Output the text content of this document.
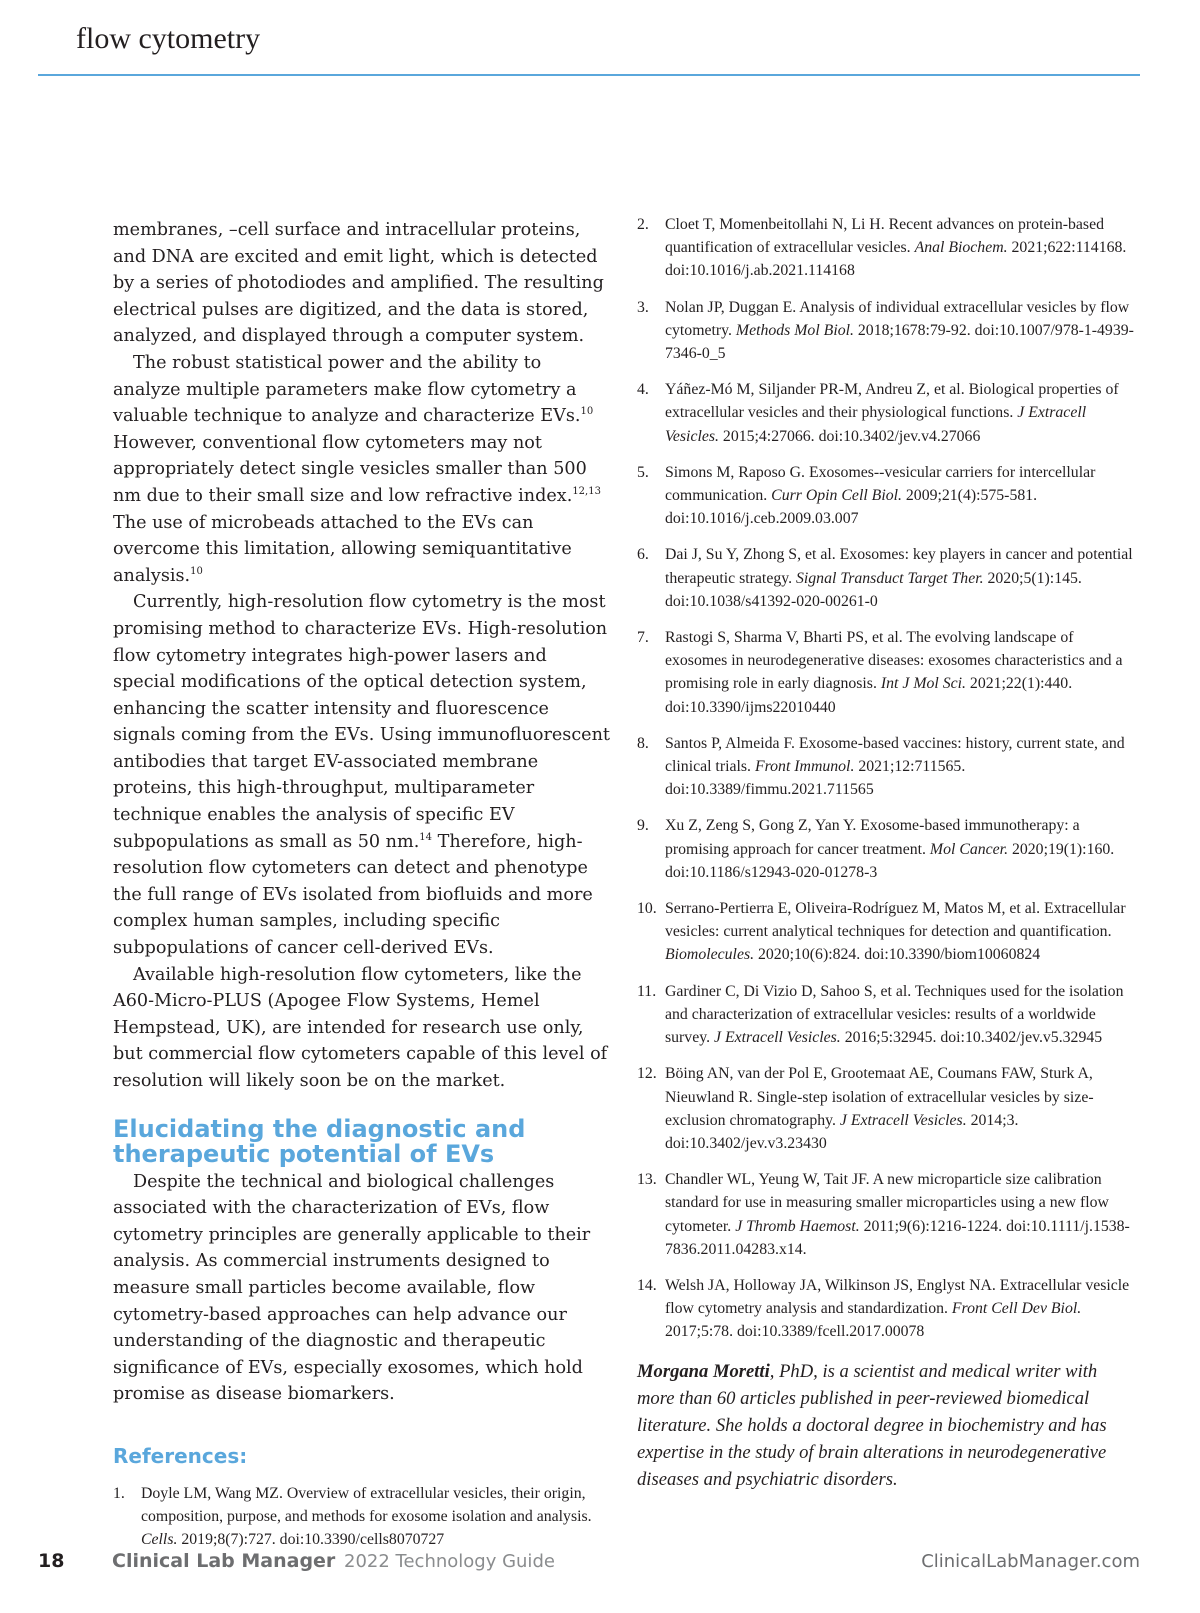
flow cytometry

membranes, –cell surface and intracellular proteins, and DNA are excited and emit light, which is detected by a series of photodiodes and amplified. The resulting electrical pulses are digitized, and the data is stored, analyzed, and displayed through a computer system.

The robust statistical power and the ability to analyze multiple parameters make flow cytometry a valuable technique to analyze and characterize EVs.$^{10}$ However, conventional flow cytometers may not appropriately detect single vesicles smaller than 500 nm due to their small size and low refractive index.$^{12,13}$ The use of microbeads attached to the EVs can overcome this limitation, allowing semiquantitative analysis.$^{10}$

Currently, high-resolution flow cytometry is the most promising method to characterize EVs. High-resolution flow cytometry integrates high-power lasers and special modifications of the optical detection system, enhancing the scatter intensity and fluorescence signals coming from the EVs. Using immunofluorescent antibodies that target EV-associated membrane proteins, this high-throughput, multiparameter technique enables the analysis of specific EV subpopulations as small as 50 nm.$^{14}$ Therefore, high-resolution flow cytometers can detect and phenotype the full range of EVs isolated from biofluids and more complex human samples, including specific subpopulations of cancer cell-derived EVs.

Available high-resolution flow cytometers, like the A60-Micro-PLUS (Apogee Flow Systems, Hemel Hempstead, UK), are intended for research use only, but commercial flow cytometers capable of this level of resolution will likely soon be on the market.

Elucidating the diagnostic and therapeutic potential of EVs

Despite the technical and biological challenges associated with the characterization of EVs, flow cytometry principles are generally applicable to their analysis. As commercial instruments designed to measure small particles become available, flow cytometry-based approaches can help advance our understanding of the diagnostic and therapeutic significance of EVs, especially exosomes, which hold promise as disease biomarkers.

References:
1. Doyle LM, Wang MZ. Overview of extracellular vesicles, their origin, composition, purpose, and methods for exosome isolation and analysis. Cells. 2019;8(7):727. doi:10.3390/cells8070727
2. Cloet T, Momenbeitollahi N, Li H. Recent advances on protein-based quantification of extracellular vesicles. Anal Biochem. 2021;622:114168. doi:10.1016/j.ab.2021.114168
3. Nolan JP, Duggan E. Analysis of individual extracellular vesicles by flow cytometry. Methods Mol Biol. 2018;1678:79-92. doi:10.1007/978-1-4939-7346-0_5
4. Yáñez-Mó M, Siljander PR-M, Andreu Z, et al. Biological properties of extracellular vesicles and their physiological functions. J Extracell Vesicles. 2015;4:27066. doi:10.3402/jev.v4.27066
5. Simons M, Raposo G. Exosomes--vesicular carriers for intercellular communication. Curr Opin Cell Biol. 2009;21(4):575-581. doi:10.1016/j.ceb.2009.03.007
6. Dai J, Su Y, Zhong S, et al. Exosomes: key players in cancer and potential therapeutic strategy. Signal Transduct Target Ther. 2020;5(1):145. doi:10.1038/s41392-020-00261-0
7. Rastogi S, Sharma V, Bharti PS, et al. The evolving landscape of exosomes in neurodegenerative diseases: exosomes characteristics and a promising role in early diagnosis. Int J Mol Sci. 2021;22(1):440. doi:10.3390/ijms22010440
8. Santos P, Almeida F. Exosome-based vaccines: history, current state, and clinical trials. Front Immunol. 2021;12:711565. doi:10.3389/fimmu.2021.711565
9. Xu Z, Zeng S, Gong Z, Yan Y. Exosome-based immunotherapy: a promising approach for cancer treatment. Mol Cancer. 2020;19(1):160. doi:10.1186/s12943-020-01278-3
10. Serrano-Pertierra E, Oliveira-Rodríguez M, Matos M, et al. Extracellular vesicles: current analytical techniques for detection and quantification. Biomolecules. 2020;10(6):824. doi:10.3390/biom10060824
11. Gardiner C, Di Vizio D, Sahoo S, et al. Techniques used for the isolation and characterization of extracellular vesicles: results of a worldwide survey. J Extracell Vesicles. 2016;5:32945. doi:10.3402/jev.v5.32945
12. Böing AN, van der Pol E, Grootemaat AE, Coumans FAW, Sturk A, Nieuwland R. Single-step isolation of extracellular vesicles by size-exclusion chromatography. J Extracell Vesicles. 2014;3. doi:10.3402/jev.v3.23430
13. Chandler WL, Yeung W, Tait JF. A new microparticle size calibration standard for use in measuring smaller microparticles using a new flow cytometer. J Thromb Haemost. 2011;9(6):1216-1224. doi:10.1111/j.1538-7836.2011.04283.x14.
14. Welsh JA, Holloway JA, Wilkinson JS, Englyst NA. Extracellular vesicle flow cytometry analysis and standardization. Front Cell Dev Biol. 2017;5:78. doi:10.3389/fcell.2017.00078
Morgana Moretti, PhD, is a scientist and medical writer with more than 60 articles published in peer-reviewed biomedical literature. She holds a doctoral degree in biochemistry and has expertise in the study of brain alterations in neurodegenerative diseases and psychiatric disorders.
18	Clinical Lab Manager 2022 Technology Guide	ClinicalLabManager.com
